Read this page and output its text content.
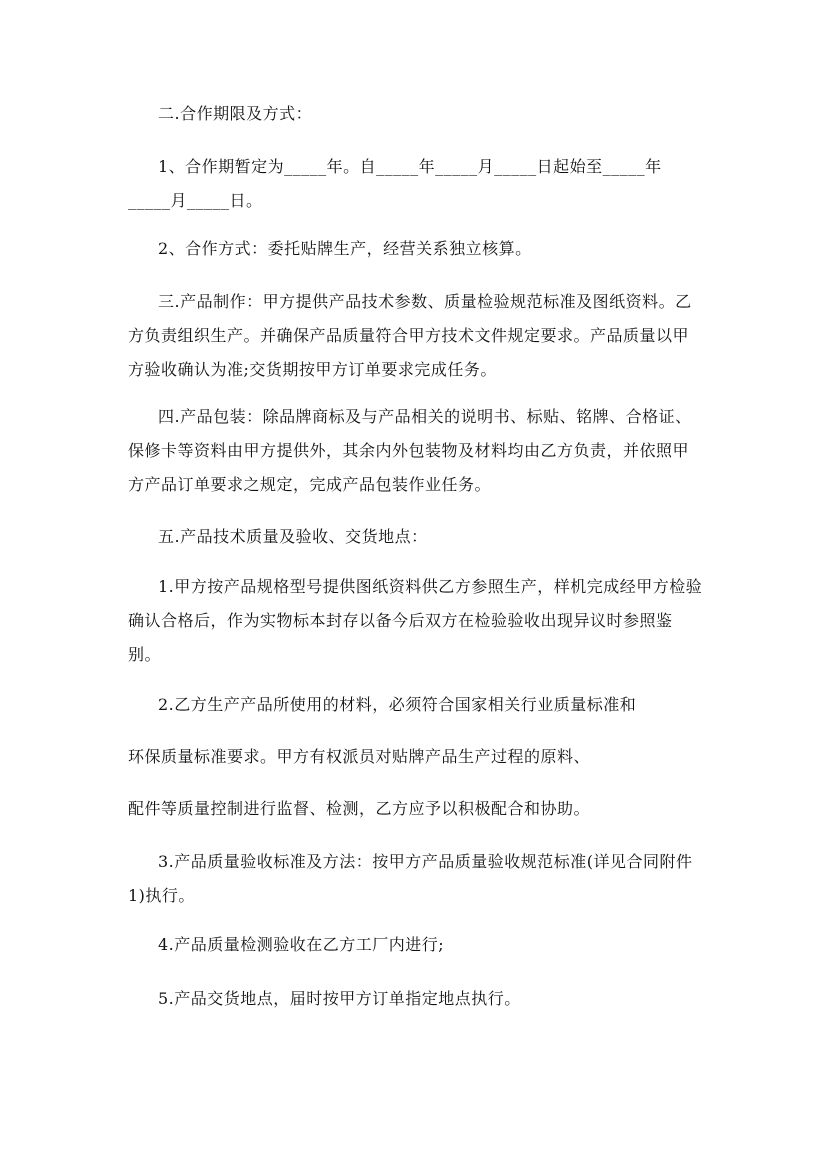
二.合作期限及方式：
1、合作期暂定为_____年。自_____年_____月_____日起始至_____年_____月_____日。
2、合作方式：委托贴牌生产，经营关系独立核算。
三.产品制作：甲方提供产品技术参数、质量检验规范标准及图纸资料。乙方负责组织生产。并确保产品质量符合甲方技术文件规定要求。产品质量以甲方验收确认为准;交货期按甲方订单要求完成任务。
四.产品包装：除品牌商标及与产品相关的说明书、标贴、铭牌、合格证、保修卡等资料由甲方提供外，其余内外包装物及材料均由乙方负责，并依照甲方产品订单要求之规定，完成产品包装作业任务。
五.产品技术质量及验收、交货地点：
1.甲方按产品规格型号提供图纸资料供乙方参照生产，样机完成经甲方检验确认合格后，作为实物标本封存以备今后双方在检验验收出现异议时参照鉴别。
2.乙方生产产品所使用的材料，必须符合国家相关行业质量标准和
环保质量标准要求。甲方有权派员对贴牌产品生产过程的原料、
配件等质量控制进行监督、检测，乙方应予以积极配合和协助。
3.产品质量验收标准及方法：按甲方产品质量验收规范标准(详见合同附件1)执行。
4.产品质量检测验收在乙方工厂内进行;
5.产品交货地点，届时按甲方订单指定地点执行。
